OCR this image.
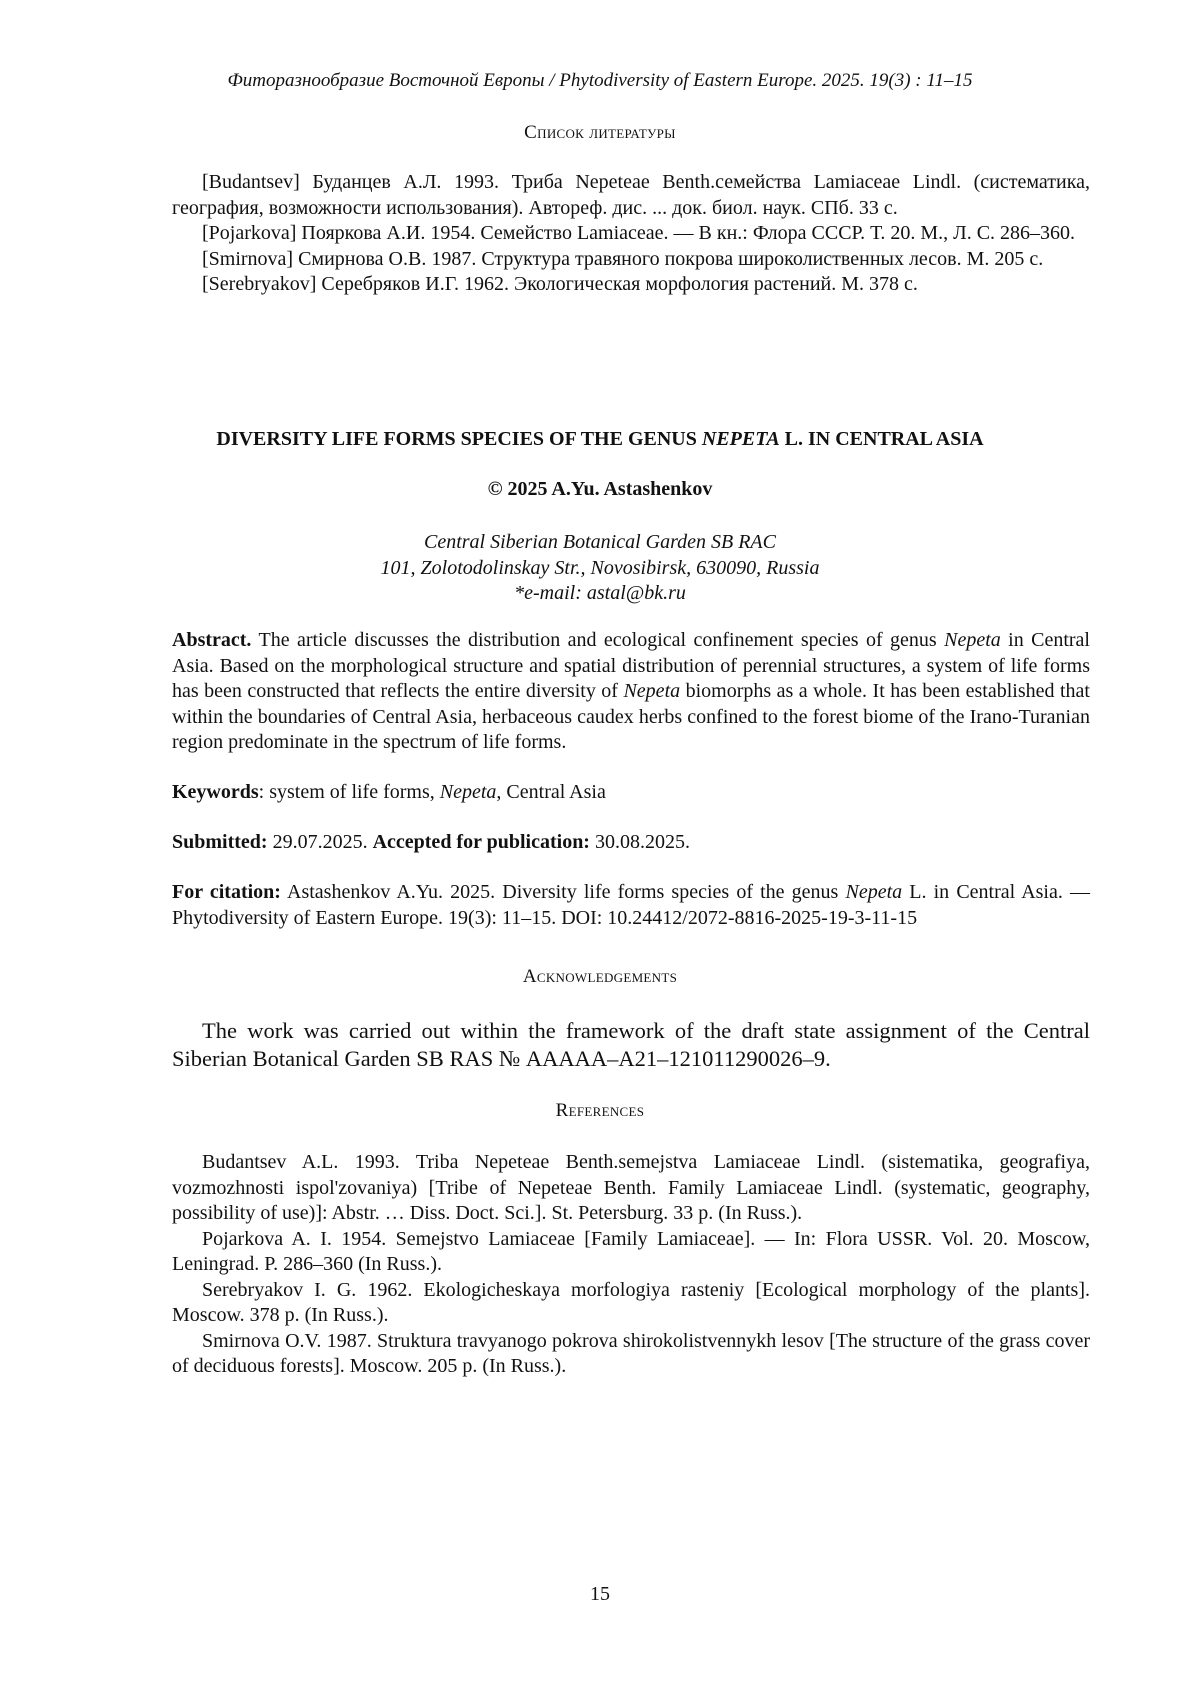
Фиторазнообразие Восточной Европы / Phytodiversity of Eastern Europe. 2025. 19(3) : 11–15
Список литературы

[Budantsev] Буданцев А.Л. 1993. Триба Nepeteae Benth.семейства Lamiaceae Lindl. (систематика, география, возможности использования). Автореф. дис. ... док. биол. наук. СПб. 33 с.

[Pojarkova] Пояркова А.И. 1954. Семейство Lamiaceae. — В кн.: Флора СССР. Т. 20. М., Л. С. 286–360.

[Smirnova] Смирнова О.В. 1987. Структура травяного покрова широколиственных лесов. М. 205 с.

[Serebryakov] Серебряков И.Г. 1962. Экологическая морфология растений. М. 378 с.

DIVERSITY LIFE FORMS SPECIES OF THE GENUS NEPETA L. IN CENTRAL ASIA
© 2025 A.Yu. Astashenkov
Central Siberian Botanical Garden SB RAC
101, Zolotodolinskay Str., Novosibirsk, 630090, Russia
*e-mail: astal@bk.ru

Abstract. The article discusses the distribution and ecological confinement species of genus Nepeta in Central Asia. Based on the morphological structure and spatial distribution of perennial structures, a system of life forms has been constructed that reflects the entire diversity of Nepeta biomorphs as a whole. It has been established that within the boundaries of Central Asia, herbaceous caudex herbs confined to the forest biome of the Irano-Turanian region predominate in the spectrum of life forms.

Keywords: system of life forms, Nepeta, Central Asia

Submitted: 29.07.2025. Accepted for publication: 30.08.2025.

For citation: Astashenkov A.Yu. 2025. Diversity life forms species of the genus Nepeta L. in Central Asia. — Phytodiversity of Eastern Europe. 19(3): 11–15. DOI: 10.24412/2072-8816-2025-19-3-11-15

Acknowledgements

The work was carried out within the framework of the draft state assignment of the Central Siberian Botanical Garden SB RAS № АААAА–А21–121011290026–9.

References

Budantsev A.L. 1993. Triba Nepeteae Benth.semejstva Lamiaceae Lindl. (sistematika, geografiya, vozmozhnosti ispol'zovaniya) [Tribe of Nepeteae Benth. Family Lamiaceae Lindl. (systematic, geography, possibility of use)]: Abstr. … Diss. Doct. Sci.]. St. Petersburg. 33 p. (In Russ.).

Pojarkova A. I. 1954. Semejstvo Lamiaceae [Family Lamiaceae]. — In: Flora USSR. Vol. 20. Moscow, Leningrad. P. 286–360 (In Russ.).

Serebryakov I. G. 1962. Ekologicheskaya morfologiya rasteniy [Ecological morphology of the plants]. Moscow. 378 p. (In Russ.).

Smirnova O.V. 1987. Struktura travyanogo pokrova shirokolistvennykh lesov [The structure of the grass cover of deciduous forests]. Moscow. 205 p. (In Russ.).

15
